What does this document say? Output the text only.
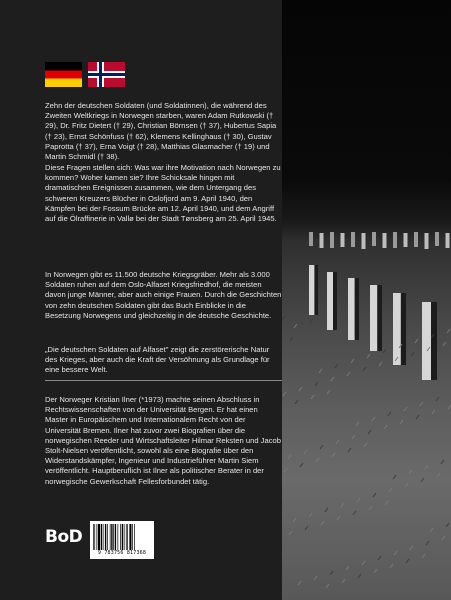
Zehn der deutschen Soldaten (und Soldatinnen), die während des Zweiten Weltkriegs in Norwegen starben, waren Adam Rutkowski († 29), Dr. Fritz Dietert († 29), Christian Börnsen († 37), Hubertus Sapia († 23), Ernst Schönfuss († 62), Klemens Kellinghaus († 30), Gustav Paprotta († 37), Erna Voigt († 28), Matthias Glasmacher († 19) und Martin Schmidl († 38).

Diese Fragen stellen sich: Was war ihre Motivation nach Norwegen zu kommen? Woher kamen sie? Ihre Schicksale hingen mit dramatischen Ereignissen zusammen, wie dem Untergang des schweren Kreuzers Blücher in Oslofjord am 9. April 1940, den Kämpfen bei der Fossum Brücke am 12. April 1940, und dem Angriff auf die Ölraffinerie in Vallø bei der Stadt Tønsberg am 25. April 1945.

In Norwegen gibt es 11.500 deutsche Kriegsgräber. Mehr als 3.000 Soldaten ruhen auf dem Oslo-Alfaset Kriegsfriedhof, die meisten davon junge Männer, aber auch einige Frauen. Durch die Geschichten von zehn deutschen Soldaten gibt das Buch Einblicke in die Besetzung Norwegens und gleichzeitig in die deutsche Geschichte.

„Die deutschen Soldaten auf Alfaset" zeigt die zerstörerische Natur des Krieges, aber auch die Kraft der Versöhnung als Grundlage für eine bessere Welt.

Der Norweger Kristian Ilner (*1973) machte seinen Abschluss in Rechtswissenschaften von der Universität Bergen. Er hat einen Master in Europäischem und Internationalem Recht von der Universität Bremen. Ilner hat zuvor zwei Biografien über die norwegischen Reeder und Wirtschaftsleiter Hilmar Reksten und Jacob Stolt-Nielsen veröffentlicht, sowohl als eine Biografie über den Widerstandskämpfer, Ingenieur und Industrieführer Martin Siem veröffentlicht. Hauptberuflich ist Ilner als politischer Berater in der norwegische Gewerkschaft Fellesforbundet tätig.

BoD
9 783756 817368
